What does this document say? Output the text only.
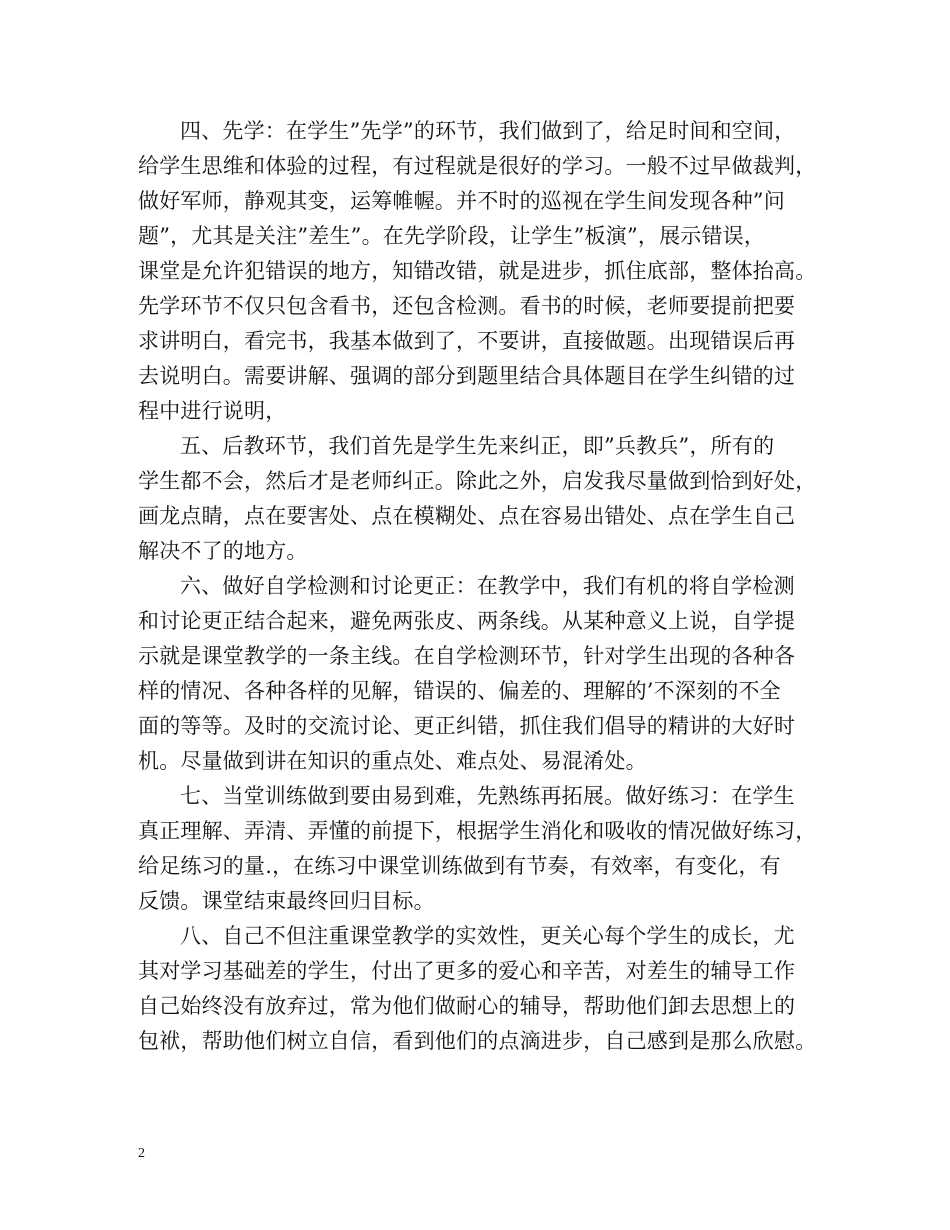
四、先学：在学生”先学”的环节，我们做到了，给足时间和空间，
给学生思维和体验的过程，有过程就是很好的学习。一般不过早做裁判，
做好军师，静观其变，运筹帷幄。并不时的巡视在学生间发现各种”问
题”，尤其是关注”差生”。在先学阶段，让学生”板演”，展示错误，
课堂是允许犯错误的地方，知错改错，就是进步，抓住底部，整体抬高。
先学环节不仅只包含看书，还包含检测。看书的时候，老师要提前把要
求讲明白，看完书，我基本做到了，不要讲，直接做题。出现错误后再
去说明白。需要讲解、强调的部分到题里结合具体题目在学生纠错的过
程中进行说明，
五、后教环节，我们首先是学生先来纠正，即”兵教兵”，所有的
学生都不会，然后才是老师纠正。除此之外，启发我尽量做到恰到好处，
画龙点睛，点在要害处、点在模糊处、点在容易出错处、点在学生自己
解决不了的地方。
六、做好自学检测和讨论更正：在教学中，我们有机的将自学检测
和讨论更正结合起来，避免两张皮、两条线。从某种意义上说，自学提
示就是课堂教学的一条主线。在自学检测环节，针对学生出现的各种各
样的情况、各种各样的见解，错误的、偏差的、理解的’不深刻的不全
面的等等。及时的交流讨论、更正纠错，抓住我们倡导的精讲的大好时
机。尽量做到讲在知识的重点处、难点处、易混淆处。
七、当堂训练做到要由易到难，先熟练再拓展。做好练习：在学生
真正理解、弄清、弄懂的前提下，根据学生消化和吸收的情况做好练习，
给足练习的量.，在练习中课堂训练做到有节奏，有效率，有变化，有
反馈。课堂结束最终回归目标。
八、自己不但注重课堂教学的实效性，更关心每个学生的成长，尤
其对学习基础差的学生，付出了更多的爱心和辛苦，对差生的辅导工作
自己始终没有放弃过，常为他们做耐心的辅导，帮助他们卸去思想上的
包袱，帮助他们树立自信，看到他们的点滴进步，自己感到是那么欣慰。
2
